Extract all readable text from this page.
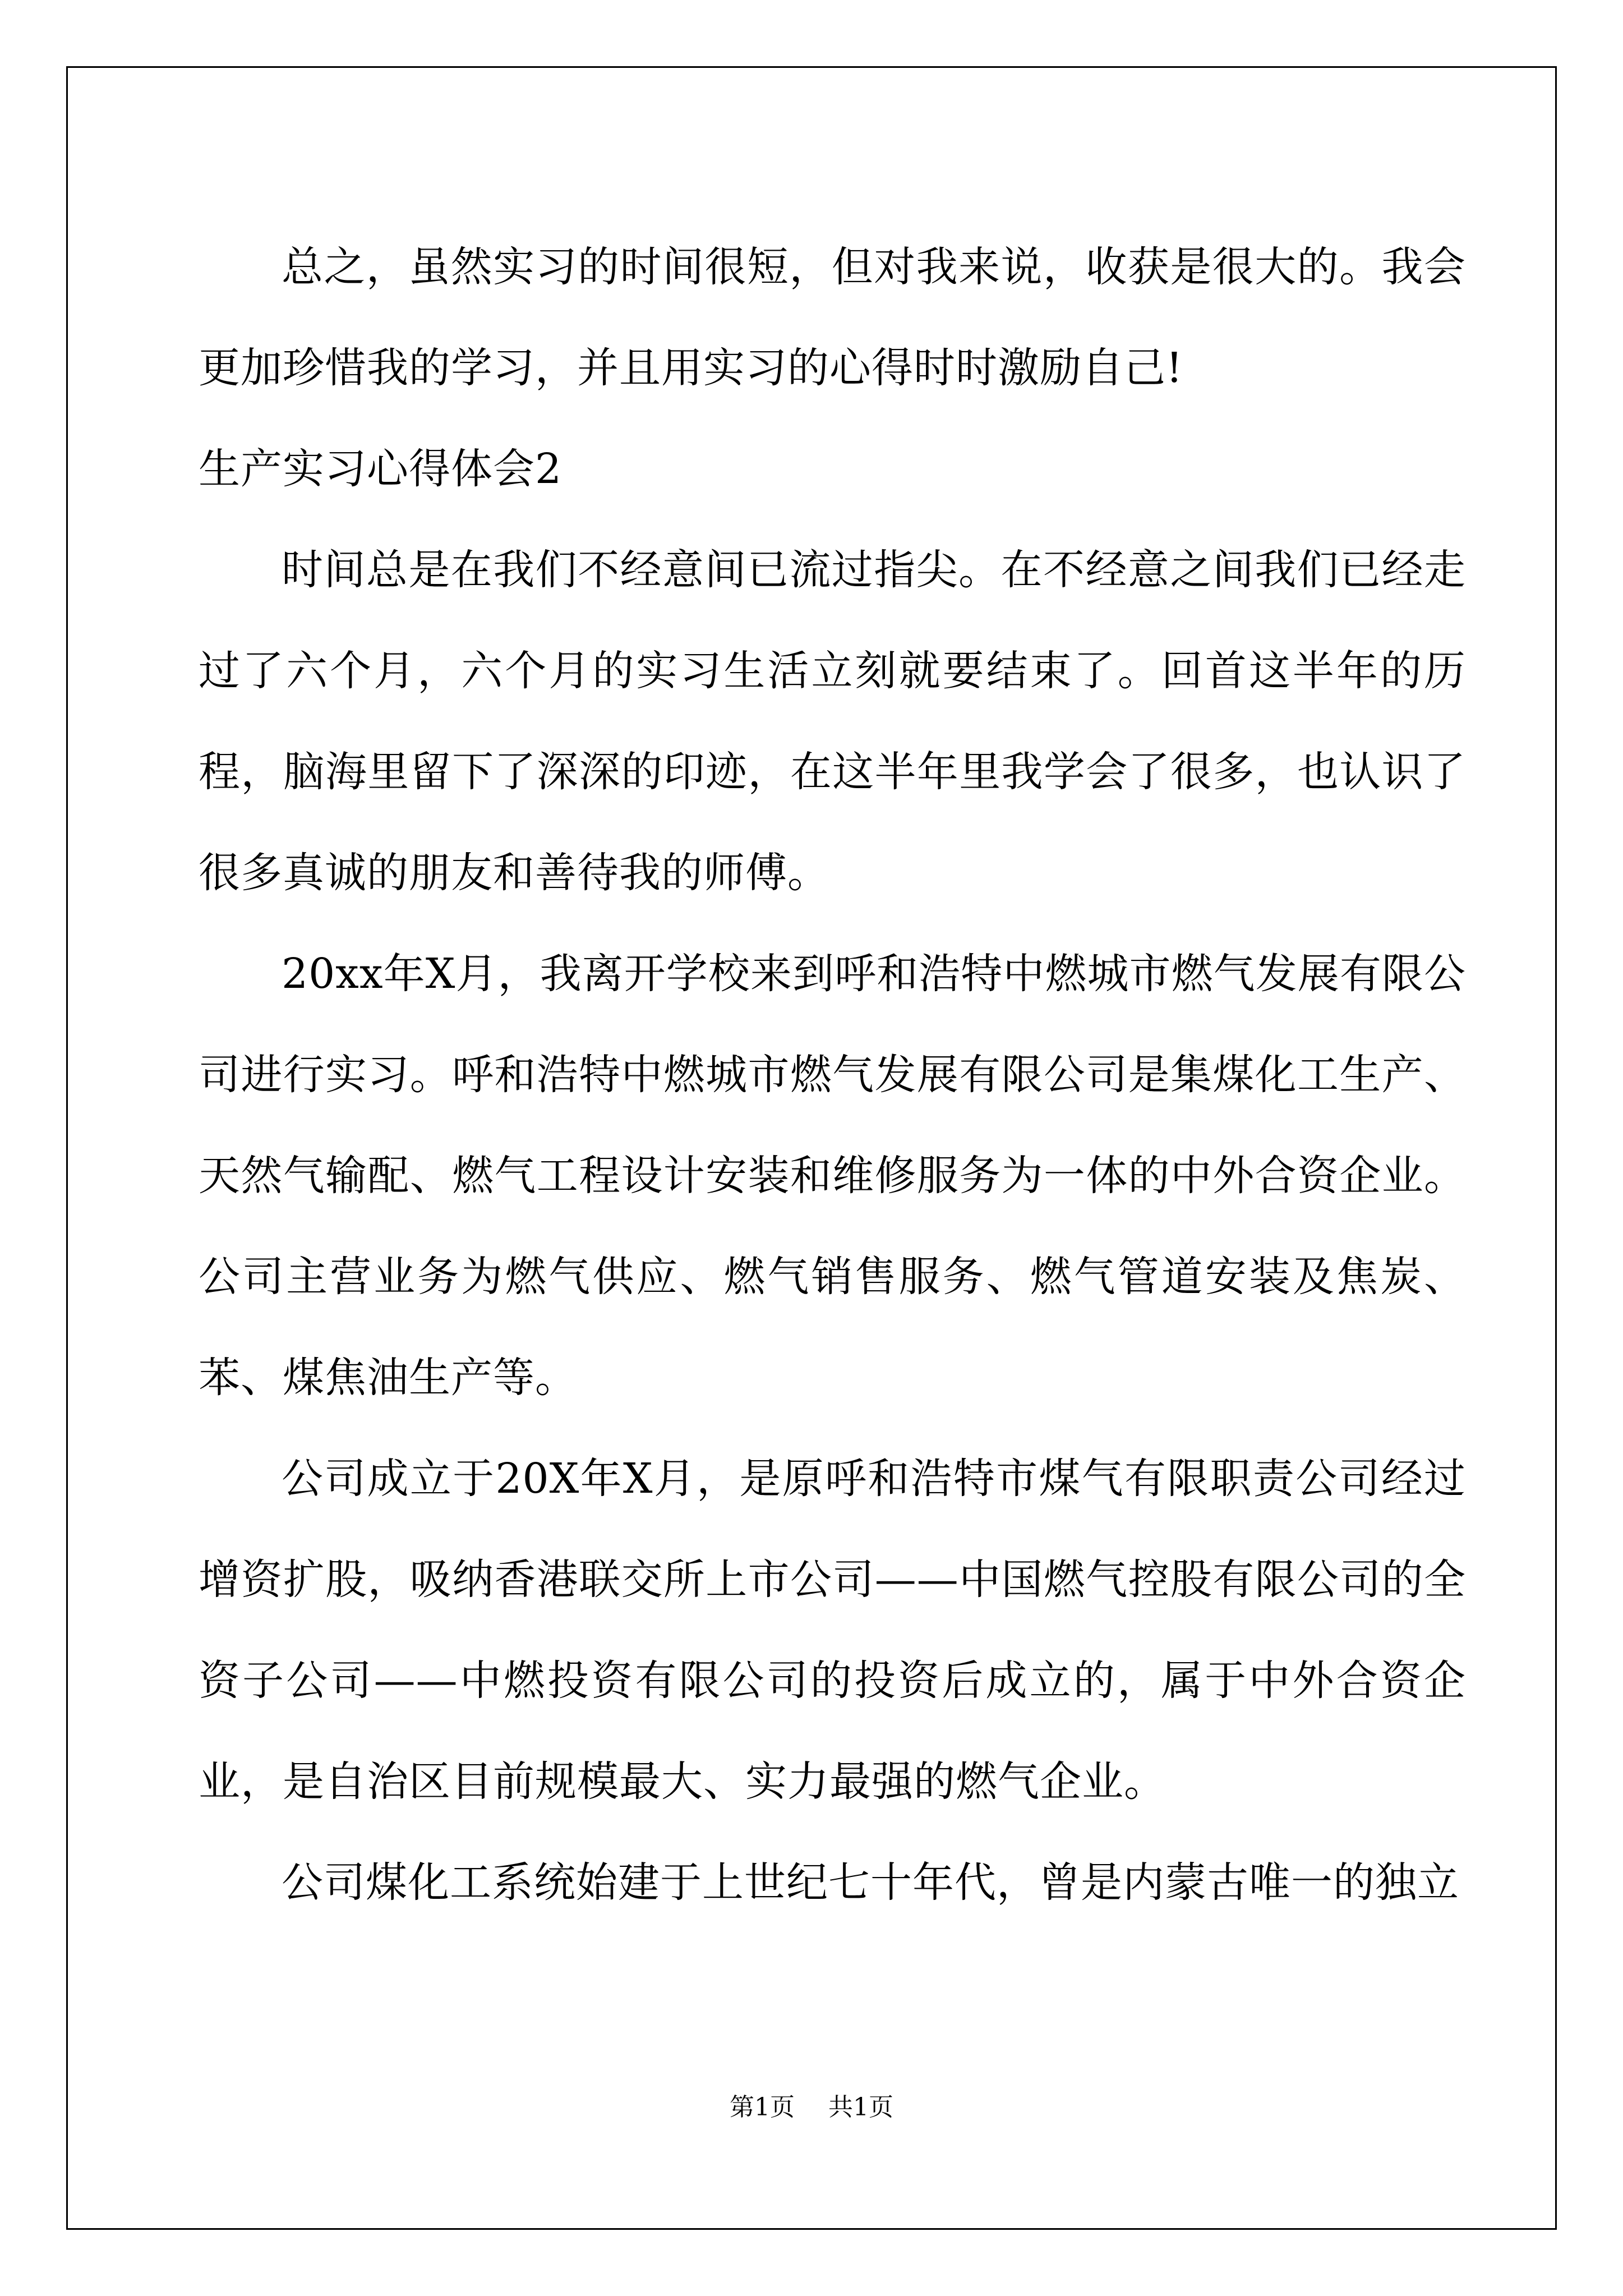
总之，虽然实习的时间很短，但对我来说，收获是很大的。我会更加珍惜我的学习，并且用实习的心得时时激励自己!

生产实习心得体会2

时间总是在我们不经意间已流过指尖。在不经意之间我们已经走过了六个月，六个月的实习生活立刻就要结束了。回首这半年的历程，脑海里留下了深深的印迹，在这半年里我学会了很多，也认识了很多真诚的朋友和善待我的师傅。

20xx年X月，我离开学校来到呼和浩特中燃城市燃气发展有限公司进行实习。呼和浩特中燃城市燃气发展有限公司是集煤化工生产、天然气输配、燃气工程设计安装和维修服务为一体的中外合资企业。公司主营业务为燃气供应、燃气销售服务、燃气管道安装及焦炭、苯、煤焦油生产等。

公司成立于20X年X月，是原呼和浩特市煤气有限职责公司经过增资扩股，吸纳香港联交所上市公司——中国燃气控股有限公司的全资子公司——中燃投资有限公司的投资后成立的，属于中外合资企业，是自治区目前规模最大、实力最强的燃气企业。

公司煤化工系统始建于上世纪七十年代，曾是内蒙古唯一的独立

第1页 共1页
